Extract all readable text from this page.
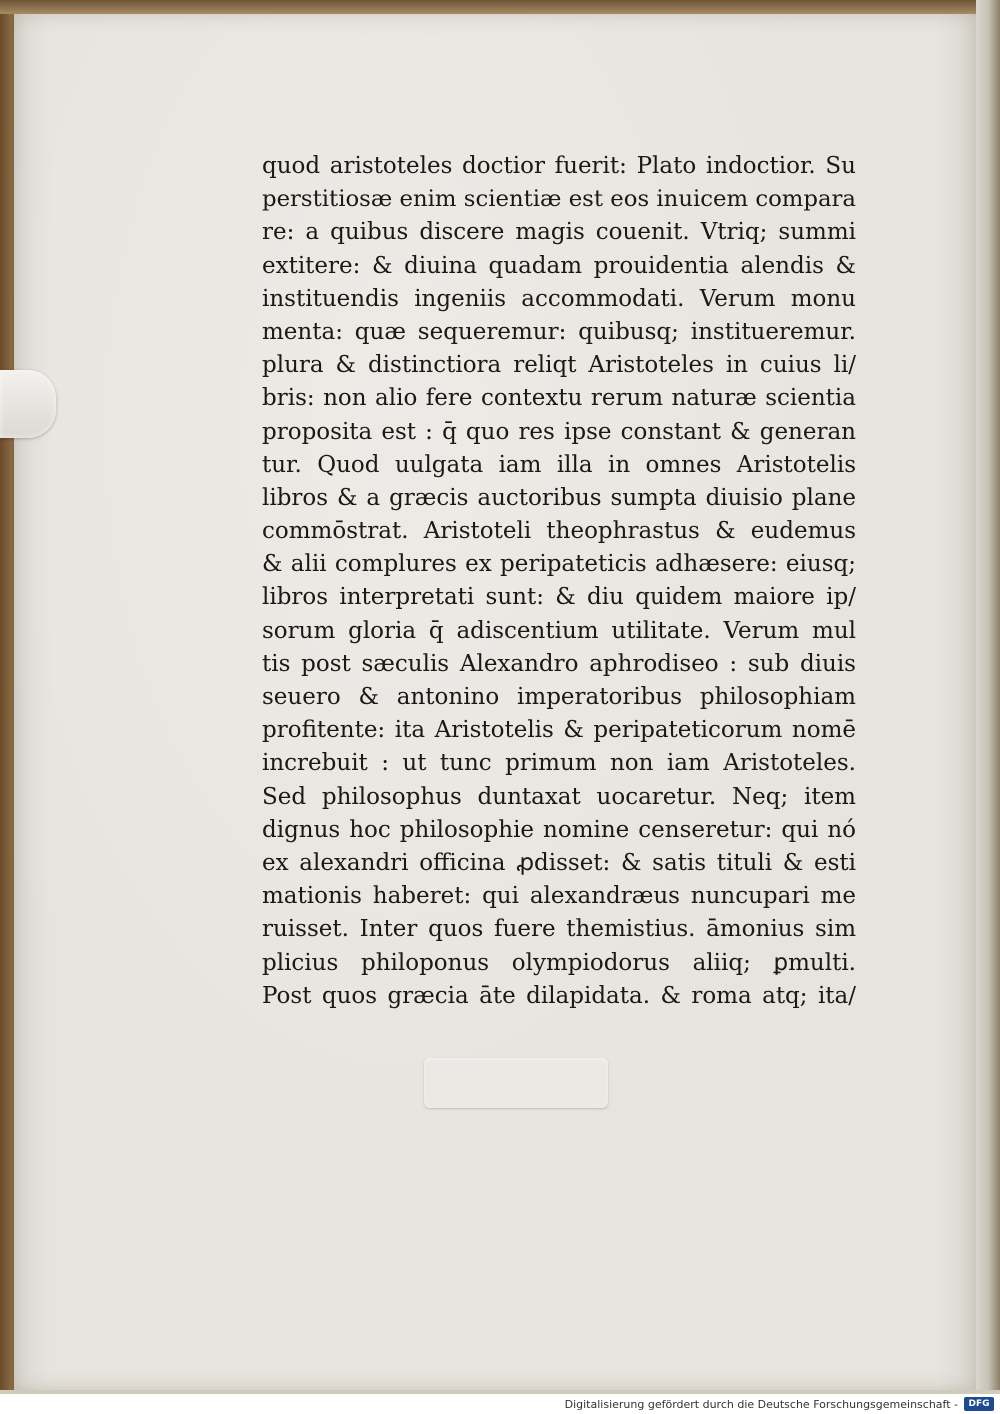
quod aristoteles doctior fuerit: Plato indoctior. Su
perstitiosæ enim scientiæ est eos inuicem compara
re: a quibus discere magis couenit. Vtriq; summi
extitere: & diuina quadam prouidentia alendis &
instituendis ingeniis accommodati. Verum monu
menta: quæ sequeremur: quibusq; institueremur.
plura & distinctiora reliqt Aristoteles in cuius li/
bris: non alio fere contextu rerum naturæ scientia
proposita est : q̄ quo res ipse constant & generan
tur. Quod uulgata iam illa in omnes Aristotelis
libros & a græcis auctoribus sumpta diuisio plane
commōstrat. Aristoteli theophrastus & eudemus
& alii complures ex peripateticis adhæsere: eiusq;
libros interpretati sunt: & diu quidem maiore ip/
sorum gloria q̄ adiscentium utilitate. Verum mul
tis post sæculis Alexandro aphrodiseo : sub diuis
seuero & antonino imperatoribus philosophiam
profitente: ita Aristotelis & peripateticorum nomē
increbuit : ut tunc primum non iam Aristoteles.
Sed philosophus duntaxat uocaretur. Neq; item
dignus hoc philosophie nomine censeretur: qui nó
ex alexandri officina ꝓdisset: & satis tituli & esti
mationis haberet: qui alexandræus nuncupari me
ruisset. Inter quos fuere themistius. āmonius sim
plicius philoponus olympiodorus aliiq; ꝑmulti.
Post quos græcia āte dilapidata. & roma atq; ita/
Digitalisierung gefördert durch die Deutsche Forschungsgemeinschaft -	DFG
